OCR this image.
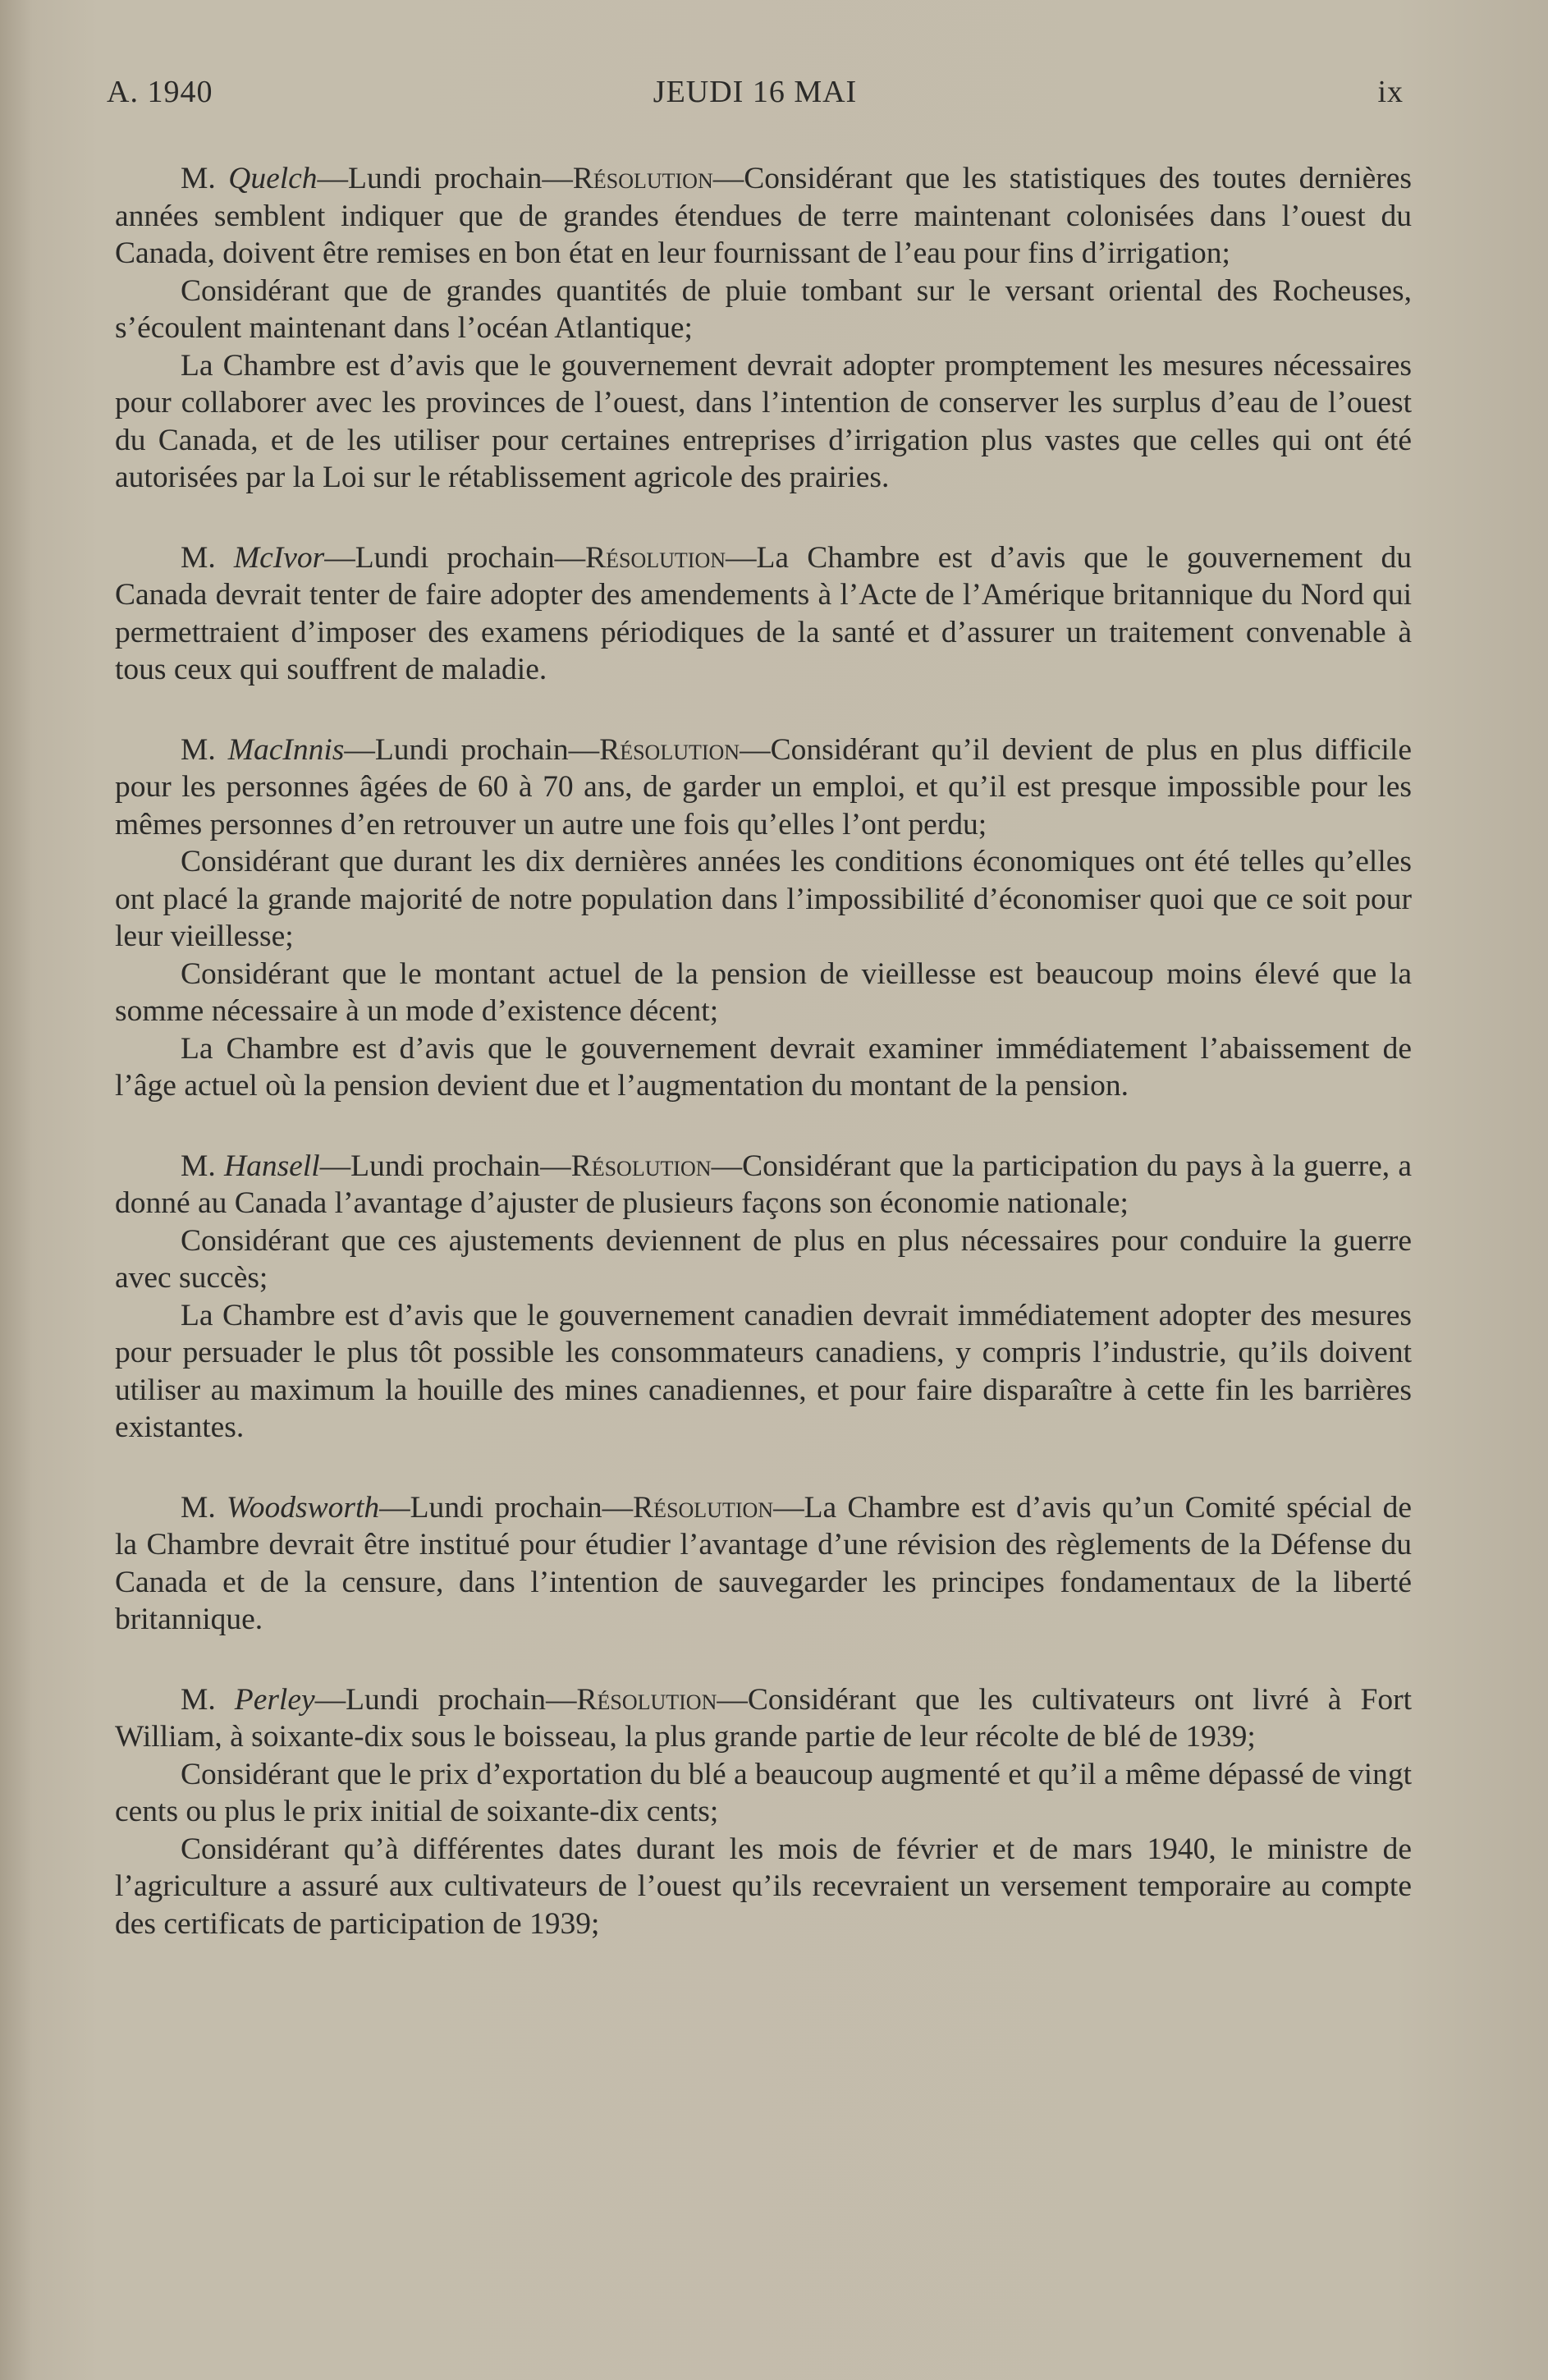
A. 1940	JEUDI 16 MAI	ix

M. Quelch—Lundi prochain—Résolution—Considérant que les statistiques des toutes dernières années semblent indiquer que de grandes étendues de terre maintenant colonisées dans l’ouest du Canada, doivent être remises en bon état en leur fournissant de l’eau pour fins d’irrigation;

Considérant que de grandes quantités de pluie tombant sur le versant oriental des Rocheuses, s’écoulent maintenant dans l’océan Atlantique;

La Chambre est d’avis que le gouvernement devrait adopter promptement les mesures nécessaires pour collaborer avec les provinces de l’ouest, dans l’intention de conserver les surplus d’eau de l’ouest du Canada, et de les utiliser pour certaines entreprises d’irrigation plus vastes que celles qui ont été autorisées par la Loi sur le rétablissement agricole des prairies.

M. McIvor—Lundi prochain—Résolution—La Chambre est d’avis que le gouvernement du Canada devrait tenter de faire adopter des amendements à l’Acte de l’Amérique britannique du Nord qui permettraient d’imposer des examens périodiques de la santé et d’assurer un traitement convenable à tous ceux qui souffrent de maladie.

M. MacInnis—Lundi prochain—Résolution—Considérant qu’il devient de plus en plus difficile pour les personnes âgées de 60 à 70 ans, de garder un emploi, et qu’il est presque impossible pour les mêmes personnes d’en retrouver un autre une fois qu’elles l’ont perdu;

Considérant que durant les dix dernières années les conditions économiques ont été telles qu’elles ont placé la grande majorité de notre population dans l’impossibilité d’économiser quoi que ce soit pour leur vieillesse;

Considérant que le montant actuel de la pension de vieillesse est beaucoup moins élevé que la somme nécessaire à un mode d’existence décent;

La Chambre est d’avis que le gouvernement devrait examiner immédiatement l’abaissement de l’âge actuel où la pension devient due et l’augmentation du montant de la pension.

M. Hansell—Lundi prochain—Résolution—Considérant que la participation du pays à la guerre, a donné au Canada l’avantage d’ajuster de plusieurs façons son économie nationale;

Considérant que ces ajustements deviennent de plus en plus nécessaires pour conduire la guerre avec succès;

La Chambre est d’avis que le gouvernement canadien devrait immédiatement adopter des mesures pour persuader le plus tôt possible les consommateurs canadiens, y compris l’industrie, qu’ils doivent utiliser au maximum la houille des mines canadiennes, et pour faire disparaître à cette fin les barrières existantes.

M. Woodsworth—Lundi prochain—Résolution—La Chambre est d’avis qu’un Comité spécial de la Chambre devrait être institué pour étudier l’avantage d’une révision des règlements de la Défense du Canada et de la censure, dans l’intention de sauvegarder les principes fondamentaux de la liberté britannique.

M. Perley—Lundi prochain—Résolution—Considérant que les cultivateurs ont livré à Fort William, à soixante-dix sous le boisseau, la plus grande partie de leur récolte de blé de 1939;

Considérant que le prix d’exportation du blé a beaucoup augmenté et qu’il a même dépassé de vingt cents ou plus le prix initial de soixante-dix cents;

Considérant qu’à différentes dates durant les mois de février et de mars 1940, le ministre de l’agriculture a assuré aux cultivateurs de l’ouest qu’ils recevraient un versement temporaire au compte des certificats de participation de 1939;
